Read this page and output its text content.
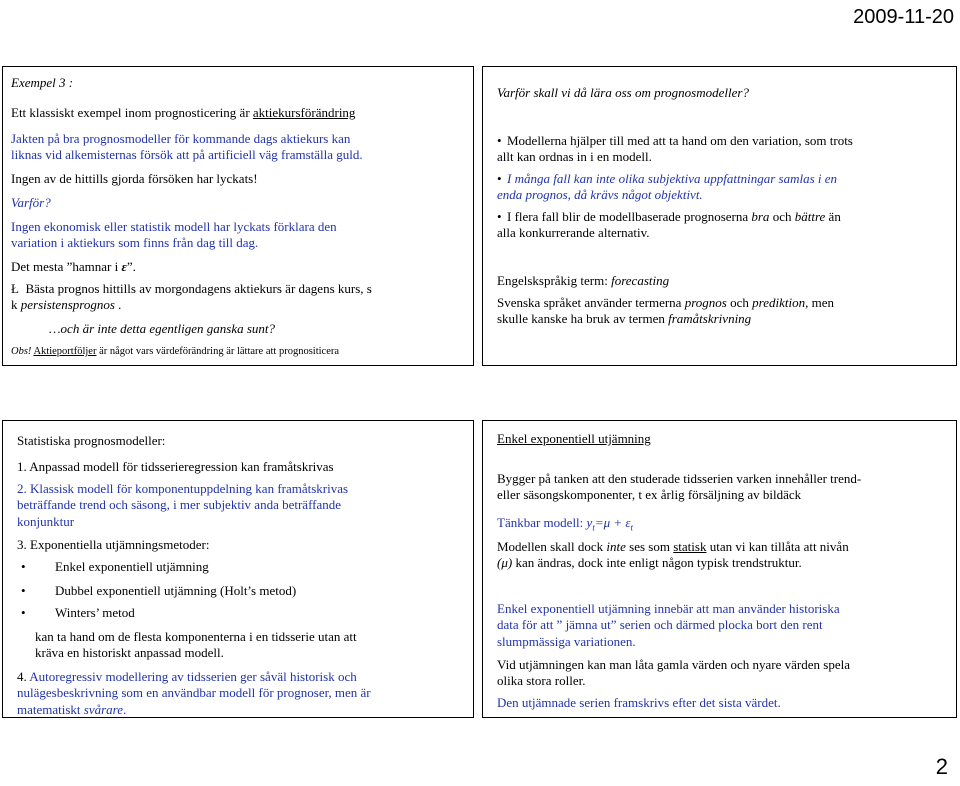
2009-11-20

Exempel 3 :

Ett klassiskt exempel inom prognosticering är aktiekursförändring

Jakten på bra prognosmodeller för kommande dags aktiekurs kan liknas vid alkemisternas försök att på artificiell väg framställa guld.

Ingen av de hittills gjorda försöken har lyckats!

Varför?

Ingen ekonomisk eller statistik modell har lyckats förklara den variation i aktiekurs som finns från dag till dag.

Det mesta ”hamnar i ε”.

Ł Bästa prognos hittills av morgondagens aktiekurs är dagens kurs, s k persistensprognos .

…och är inte detta egentligen ganska sunt?

Obs! Aktieportföljer är något vars värdeförändring är lättare att prognositicera

Varför skall vi då lära oss om prognosmodeller?

• Modellerna hjälper till med att ta hand om den variation, som trots allt kan ordnas in i en modell.

• I många fall kan inte olika subjektiva uppfattningar samlas i en enda prognos, då krävs något objektivt.

• I flera fall blir de modellbaserade prognoserna bra och bättre än alla konkurrerande alternativ.

Engelskspråkig term: forecasting

Svenska språket använder termerna prognos och prediktion, men skulle kanske ha bruk av termen framåtskrivning

Statistiska prognosmodeller:

1. Anpassad modell för tidsserieregression kan framåtskrivas

2. Klassisk modell för komponentuppdelning kan framåtskrivas beträffande trend och säsong, i mer subjektiv anda beträffande konjunktur

3. Exponentiella utjämningsmetoder:

• Enkel exponentiell utjämning

• Dubbel exponentiell utjämning (Holt’s metod)

• Winters’ metod

kan ta hand om de flesta komponenterna i en tidsserie utan att kräva en historiskt anpassad modell.

4. Autoregressiv modellering av tidsserien ger såväl historisk och nulägesbeskrivning som en användbar modell för prognoser, men är matematiskt svårare.

Enkel exponentiell utjämning

Bygger på tanken att den studerade tidsserien varken innehåller trend- eller säsongskomponenter, t ex årlig försäljning av bildäck

Tänkbar modell: $y_t=\mu + \varepsilon_t$

Modellen skall dock inte ses som statisk utan vi kan tillåta att nivån (μ) kan ändras, dock inte enligt någon typisk trendstruktur.

Enkel exponentiell utjämning innebär att man använder historiska data för att ” jämna ut” serien och därmed plocka bort den rent slumpmässiga variationen.

Vid utjämningen kan man låta gamla värden och nyare värden spela olika stora roller.

Den utjämnade serien framskrivs efter det sista värdet.

2
